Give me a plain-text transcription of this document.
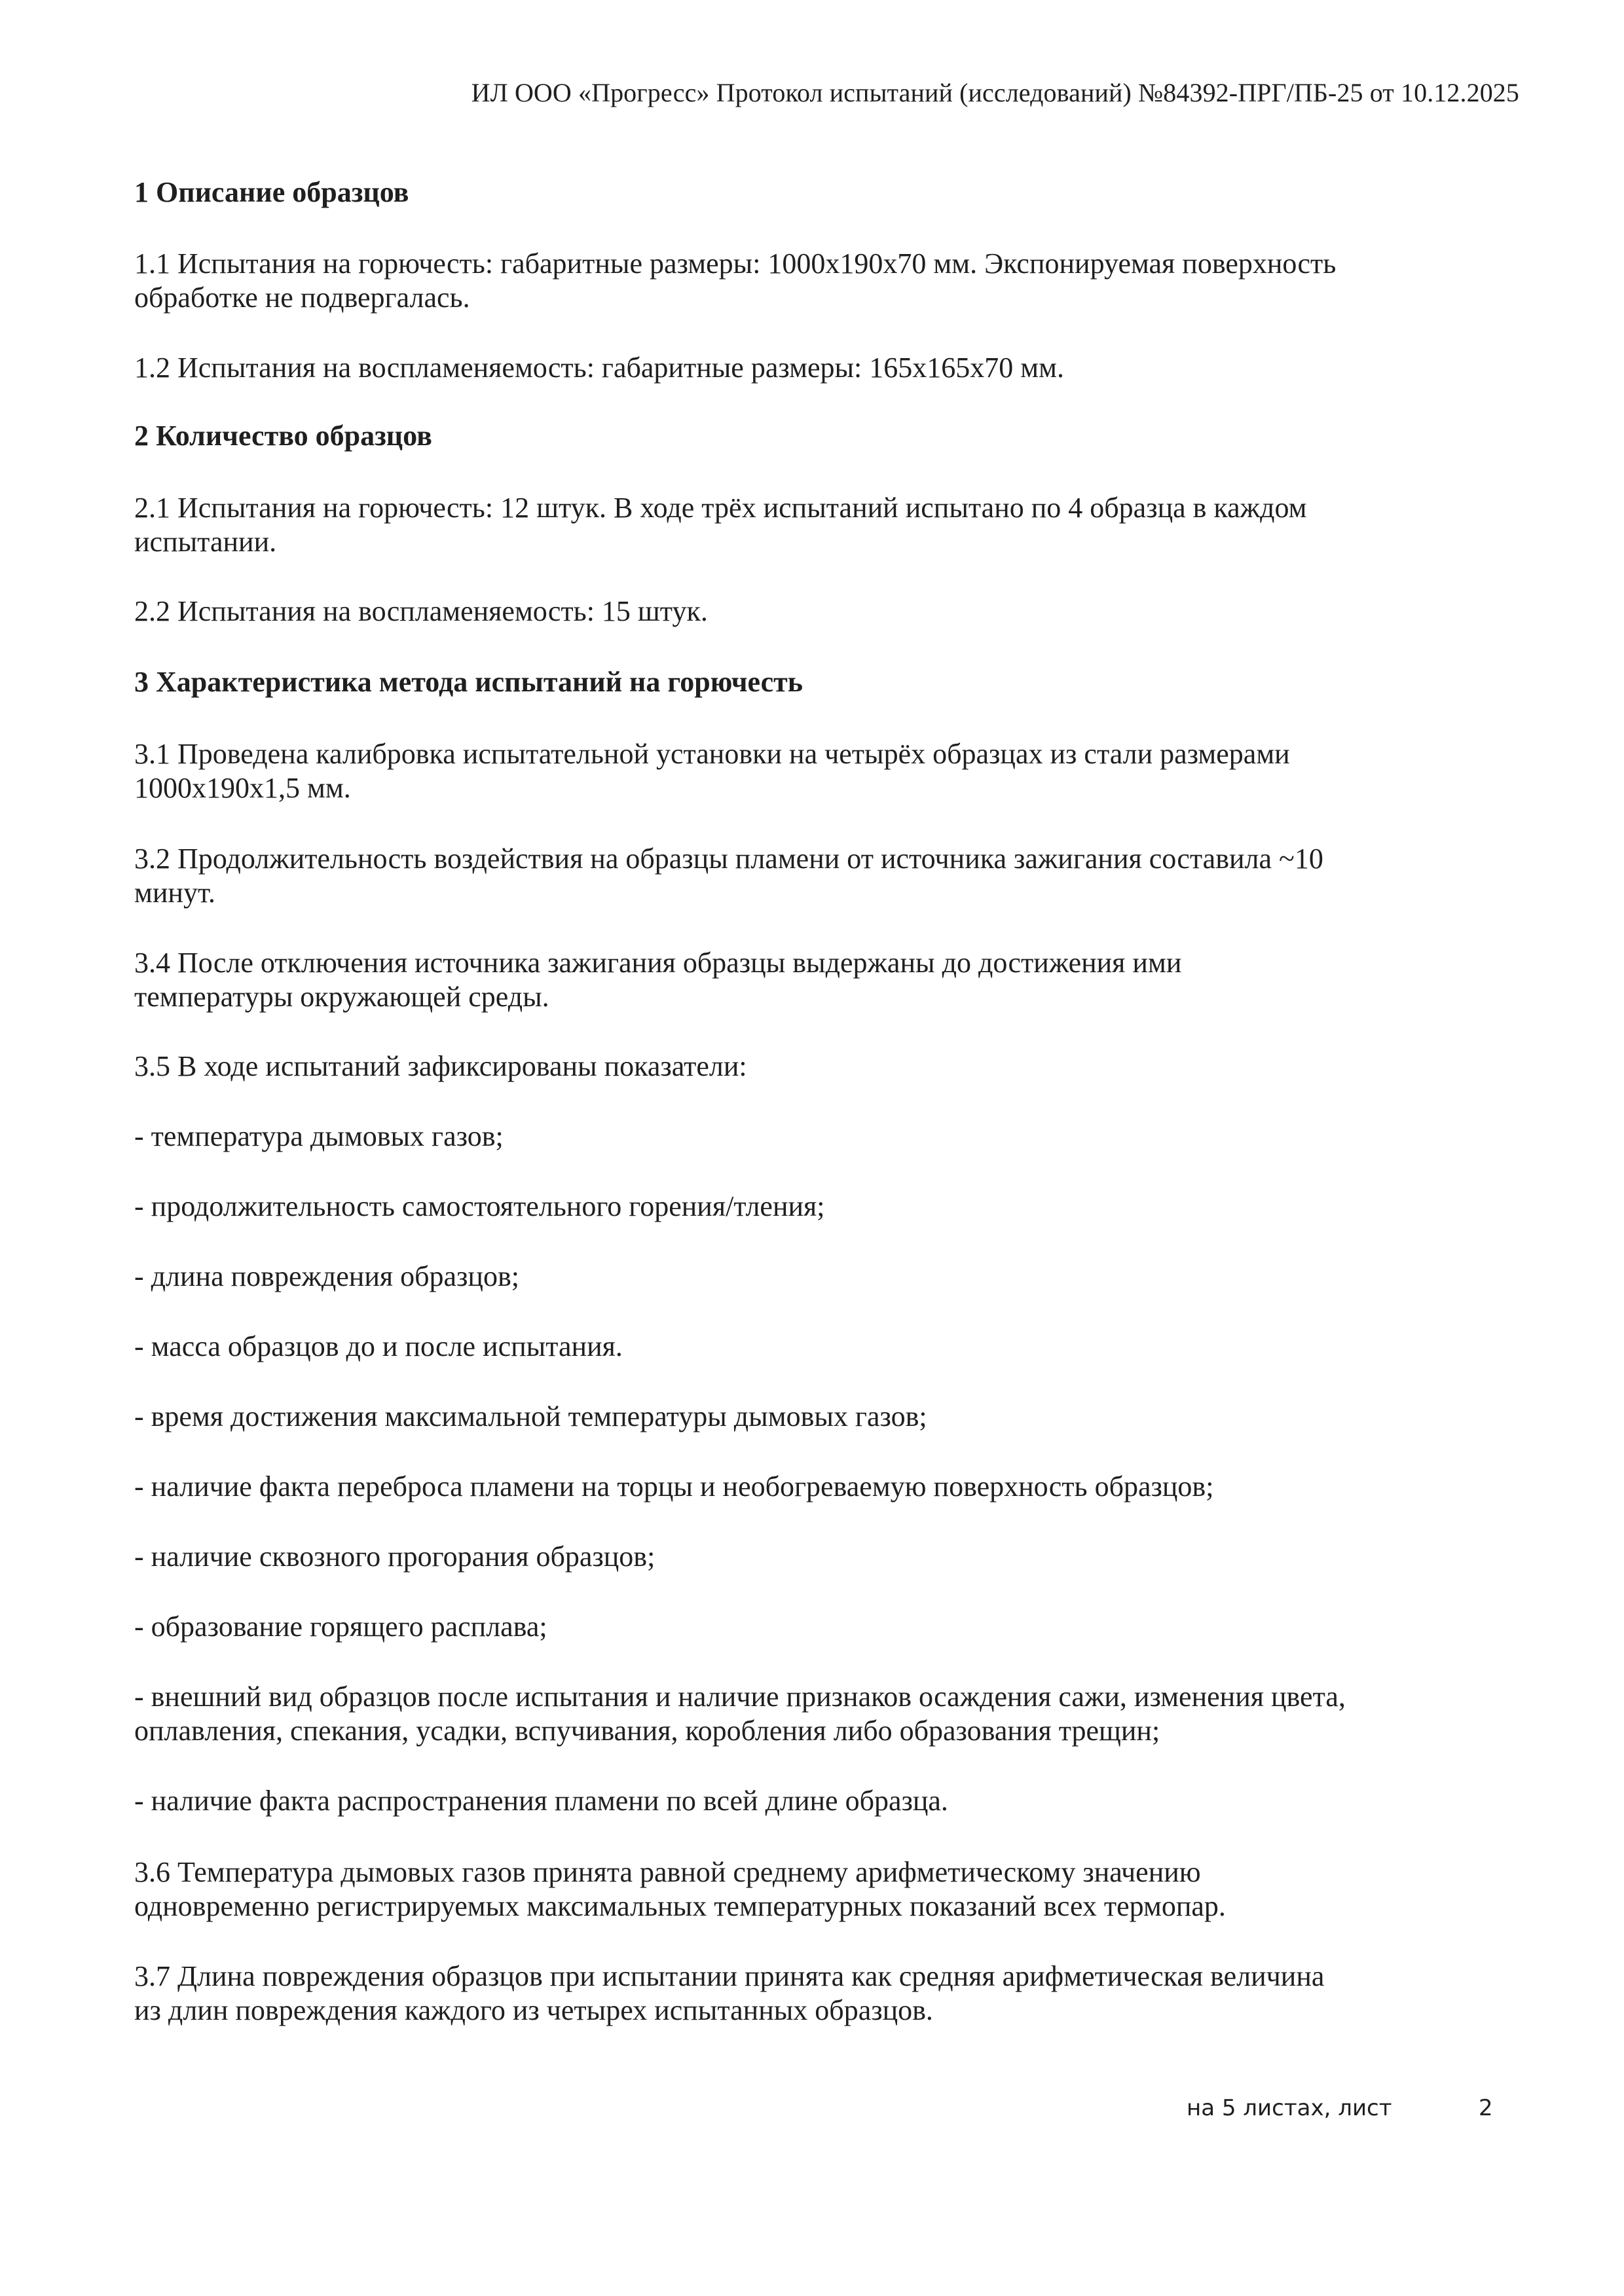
ИЛ ООО «Прогресс» Протокол испытаний (исследований) №84392-ПРГ/ПБ-25 от 10.12.2025
1 Описание образцов
1.1 Испытания на горючесть: габаритные размеры: 1000x190x70 мм. Экспонируемая поверхность
обработке не подвергалась.
1.2 Испытания на воспламеняемость: габаритные размеры: 165x165x70 мм.
2 Количество образцов
2.1 Испытания на горючесть: 12 штук. В ходе трёх испытаний испытано по 4 образца в каждом
испытании.
2.2 Испытания на воспламеняемость: 15 штук.
3 Характеристика метода испытаний на горючесть
3.1 Проведена калибровка испытательной установки на четырёх образцах из стали размерами
1000x190x1,5 мм.
3.2 Продолжительность воздействия на образцы пламени от источника зажигания составила ~10
минут.
3.4 После отключения источника зажигания образцы выдержаны до достижения ими
температуры окружающей среды.
3.5 В ходе испытаний зафиксированы показатели:
- температура дымовых газов;
- продолжительность самостоятельного горения/тления;
- длина повреждения образцов;
- масса образцов до и после испытания.
- время достижения максимальной температуры дымовых газов;
- наличие факта переброса пламени на торцы и необогреваемую поверхность образцов;
- наличие сквозного прогорания образцов;
- образование горящего расплава;
- внешний вид образцов после испытания и наличие признаков осаждения сажи, изменения цвета,
оплавления, спекания, усадки, вспучивания, коробления либо образования трещин;
- наличие факта распространения пламени по всей длине образца.
3.6 Температура дымовых газов принята равной среднему арифметическому значению
одновременно регистрируемых максимальных температурных показаний всех термопар.
3.7 Длина повреждения образцов при испытании принята как средняя арифметическая величина
из длин повреждения каждого из четырех испытанных образцов.
на 5 листах, лист	2
